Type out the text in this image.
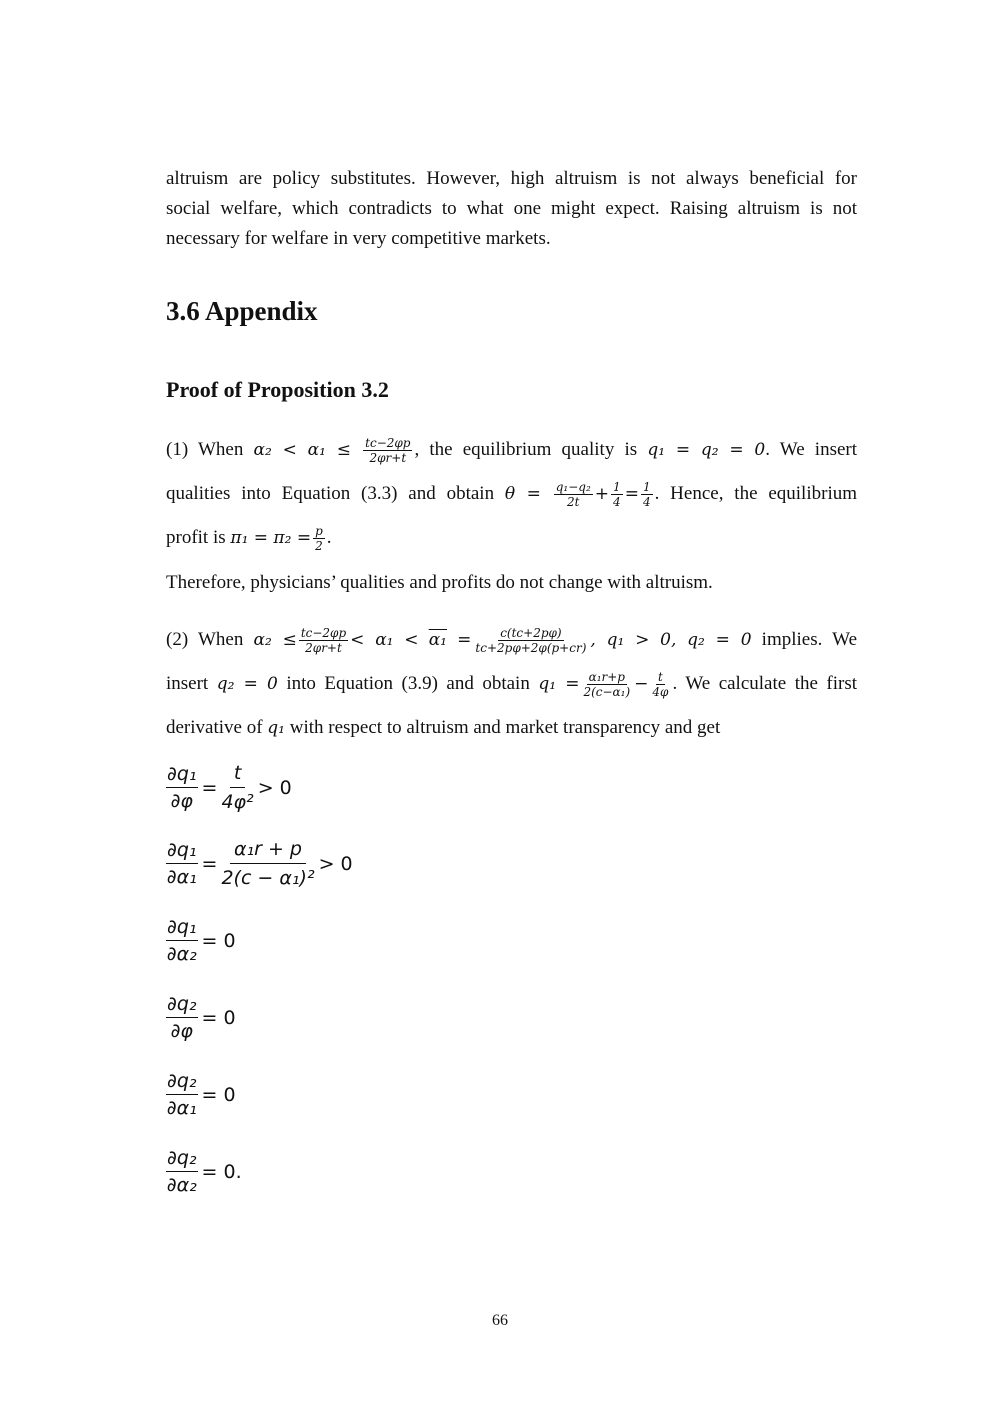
altruism are policy substitutes. However, high altruism is not always beneficial for
social welfare, which contradicts to what one might expect. Raising altruism is not
necessary for welfare in very competitive markets.
3.6 Appendix
Proof of Proposition 3.2
(1) When $\alpha_2 < \alpha_1 \le \frac{tc-2\varphi p}{2\varphi r+t}$ , the equilibrium quality is q₁ = q₂ = 0. We insert
qualities into Equation (3.3) and obtain $\theta = \frac{\text{q₁−q₂}}{2t} + \frac{1}{4} = \frac{1}{4}$ . Hence, the equilibrium
profit is $\pi_1 = \pi_2 = \frac{p}{2}$ .
Therefore, physicians’ qualities and profits do not change with altruism.
(2) When $\alpha_2 \le \frac{tc-2\varphi p}{2\varphi r+t} < \alpha_1 < \alpha_1 = \frac{c(tc+2p\varphi)}{tc+2p\varphi+2\varphi(p+cr)}$ , q₁ > 0, q₂ = 0 implies. We
insert q₂ = 0 into Equation (3.9) and obtain $q_1 = \frac{\text{α₁r+p}}{\text{2(c−α₁)}} - \frac{t}{4\varphi}$ . We calculate the first
derivative of q₁ with respect to altruism and market transparency and get
$\frac{\text{∂q₁}}{\partial\varphi} = \frac{t}{\text{4φ²}} > 0$
$\frac{\text{∂q₁}}{\text{∂α₁}} = \frac{\text{α₁r + p}}{\text{2(c − α₁)²}} > 0$
$\frac{\text{∂q₁}}{\text{∂α₂}} = 0$
$\frac{\text{∂q₂}}{\partial\varphi} = 0$
$\frac{\text{∂q₂}}{\text{∂α₁}} = 0$
$\frac{\text{∂q₂}}{\text{∂α₂}} = 0$.
66
